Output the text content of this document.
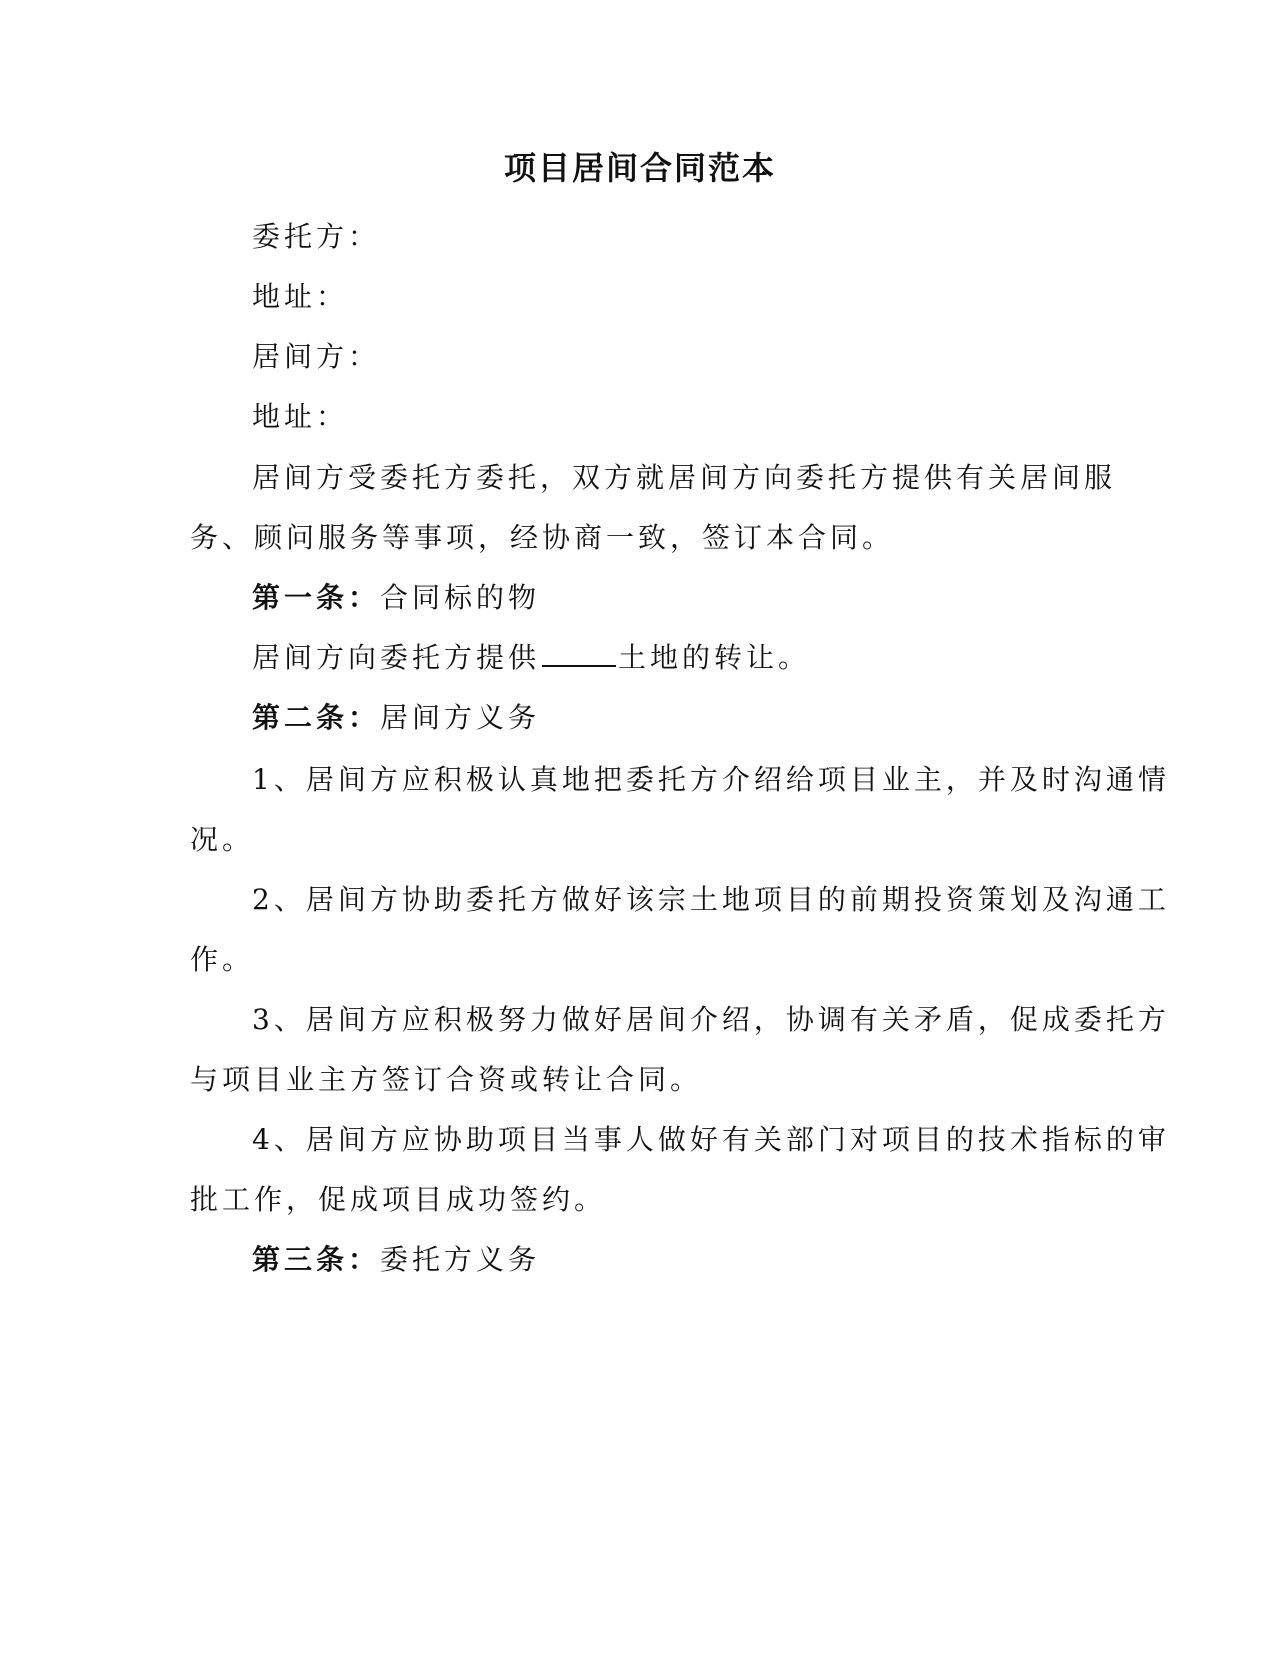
项目居间合同范本
委托方：
地址：
居间方：
地址：
居间方受委托方委托，双方就居间方向委托方提供有关居间服
务、顾问服务等事项，经协商一致，签订本合同。
第一条：合同标的物
居间方向委托方提供	土地的转让。
第二条：居间方义务
1、居间方应积极认真地把委托方介绍给项目业主，并及时沟通情
况。
2、居间方协助委托方做好该宗土地项目的前期投资策划及沟通工
作。
3、居间方应积极努力做好居间介绍，协调有关矛盾，促成委托方
与项目业主方签订合资或转让合同。
4、居间方应协助项目当事人做好有关部门对项目的技术指标的审
批工作，促成项目成功签约。
第三条：委托方义务
